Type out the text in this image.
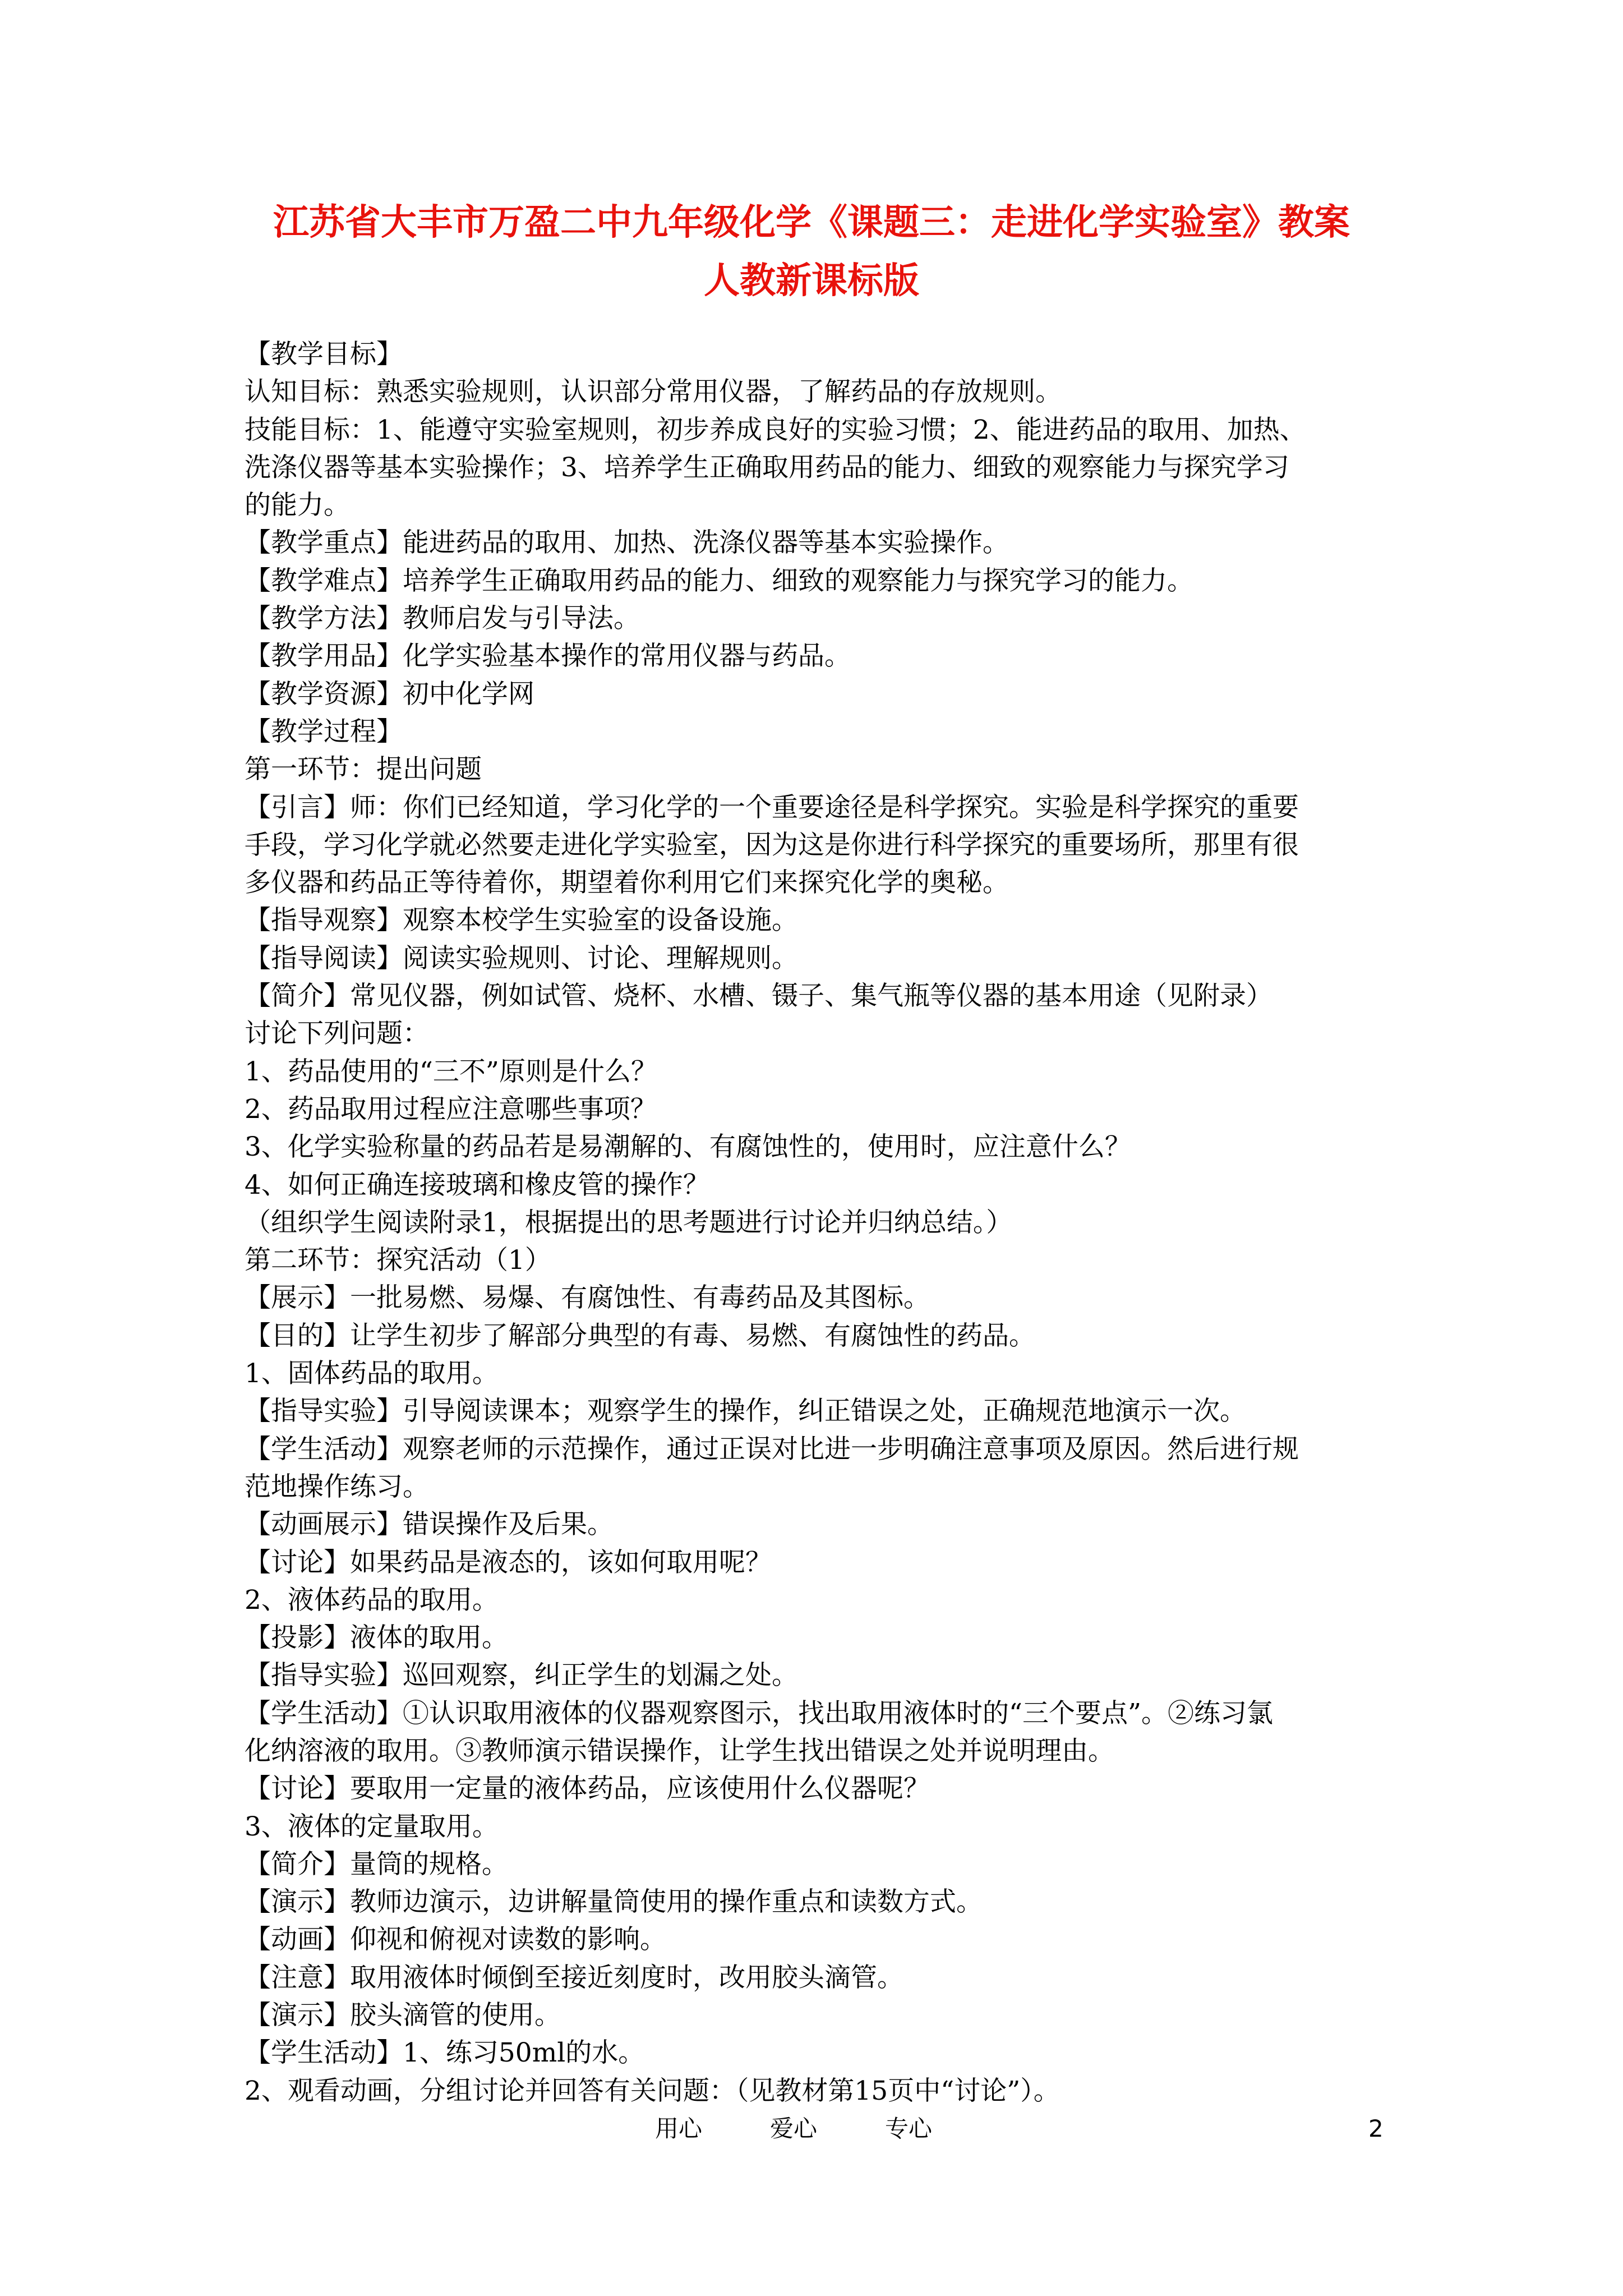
江苏省大丰市万盈二中九年级化学《课题三：走进化学实验室》教案
人教新课标版
【教学目标】
认知目标：熟悉实验规则，认识部分常用仪器，了解药品的存放规则。
技能目标：1、能遵守实验室规则，初步养成良好的实验习惯；2、能进药品的取用、加热、
洗涤仪器等基本实验操作；3、培养学生正确取用药品的能力、细致的观察能力与探究学习
的能力。
【教学重点】能进药品的取用、加热、洗涤仪器等基本实验操作。
【教学难点】培养学生正确取用药品的能力、细致的观察能力与探究学习的能力。
【教学方法】教师启发与引导法。
【教学用品】化学实验基本操作的常用仪器与药品。
【教学资源】初中化学网
【教学过程】
第一环节：提出问题
【引言】师：你们已经知道，学习化学的一个重要途径是科学探究。实验是科学探究的重要
手段，学习化学就必然要走进化学实验室，因为这是你进行科学探究的重要场所，那里有很
多仪器和药品正等待着你，期望着你利用它们来探究化学的奥秘。
【指导观察】观察本校学生实验室的设备设施。
【指导阅读】阅读实验规则、讨论、理解规则。
【简介】常见仪器，例如试管、烧杯、水槽、镊子、集气瓶等仪器的基本用途（见附录）
讨论下列问题：
1、药品使用的“三不”原则是什么？
2、药品取用过程应注意哪些事项？
3、化学实验称量的药品若是易潮解的、有腐蚀性的，使用时，应注意什么？
4、如何正确连接玻璃和橡皮管的操作？
（组织学生阅读附录1，根据提出的思考题进行讨论并归纳总结。）
第二环节：探究活动（1）
【展示】一批易燃、易爆、有腐蚀性、有毒药品及其图标。
【目的】让学生初步了解部分典型的有毒、易燃、有腐蚀性的药品。
1、固体药品的取用。
【指导实验】引导阅读课本；观察学生的操作，纠正错误之处，正确规范地演示一次。
【学生活动】观察老师的示范操作，通过正误对比进一步明确注意事项及原因。然后进行规
范地操作练习。
【动画展示】错误操作及后果。
【讨论】如果药品是液态的，该如何取用呢？
2、液体药品的取用。
【投影】液体的取用。
【指导实验】巡回观察，纠正学生的划漏之处。
【学生活动】①认识取用液体的仪器观察图示，找出取用液体时的“三个要点”。②练习氯
化纳溶液的取用。③教师演示错误操作，让学生找出错误之处并说明理由。
【讨论】要取用一定量的液体药品，应该使用什么仪器呢？
3、液体的定量取用。
【简介】量筒的规格。
【演示】教师边演示，边讲解量筒使用的操作重点和读数方式。
【动画】仰视和俯视对读数的影响。
【注意】取用液体时倾倒至接近刻度时，改用胶头滴管。
【演示】胶头滴管的使用。
【学生活动】1、练习50ml的水。
2、观看动画，分组讨论并回答有关问题：（见教材第15页中“讨论”）。
用心	爱心	专心	2
